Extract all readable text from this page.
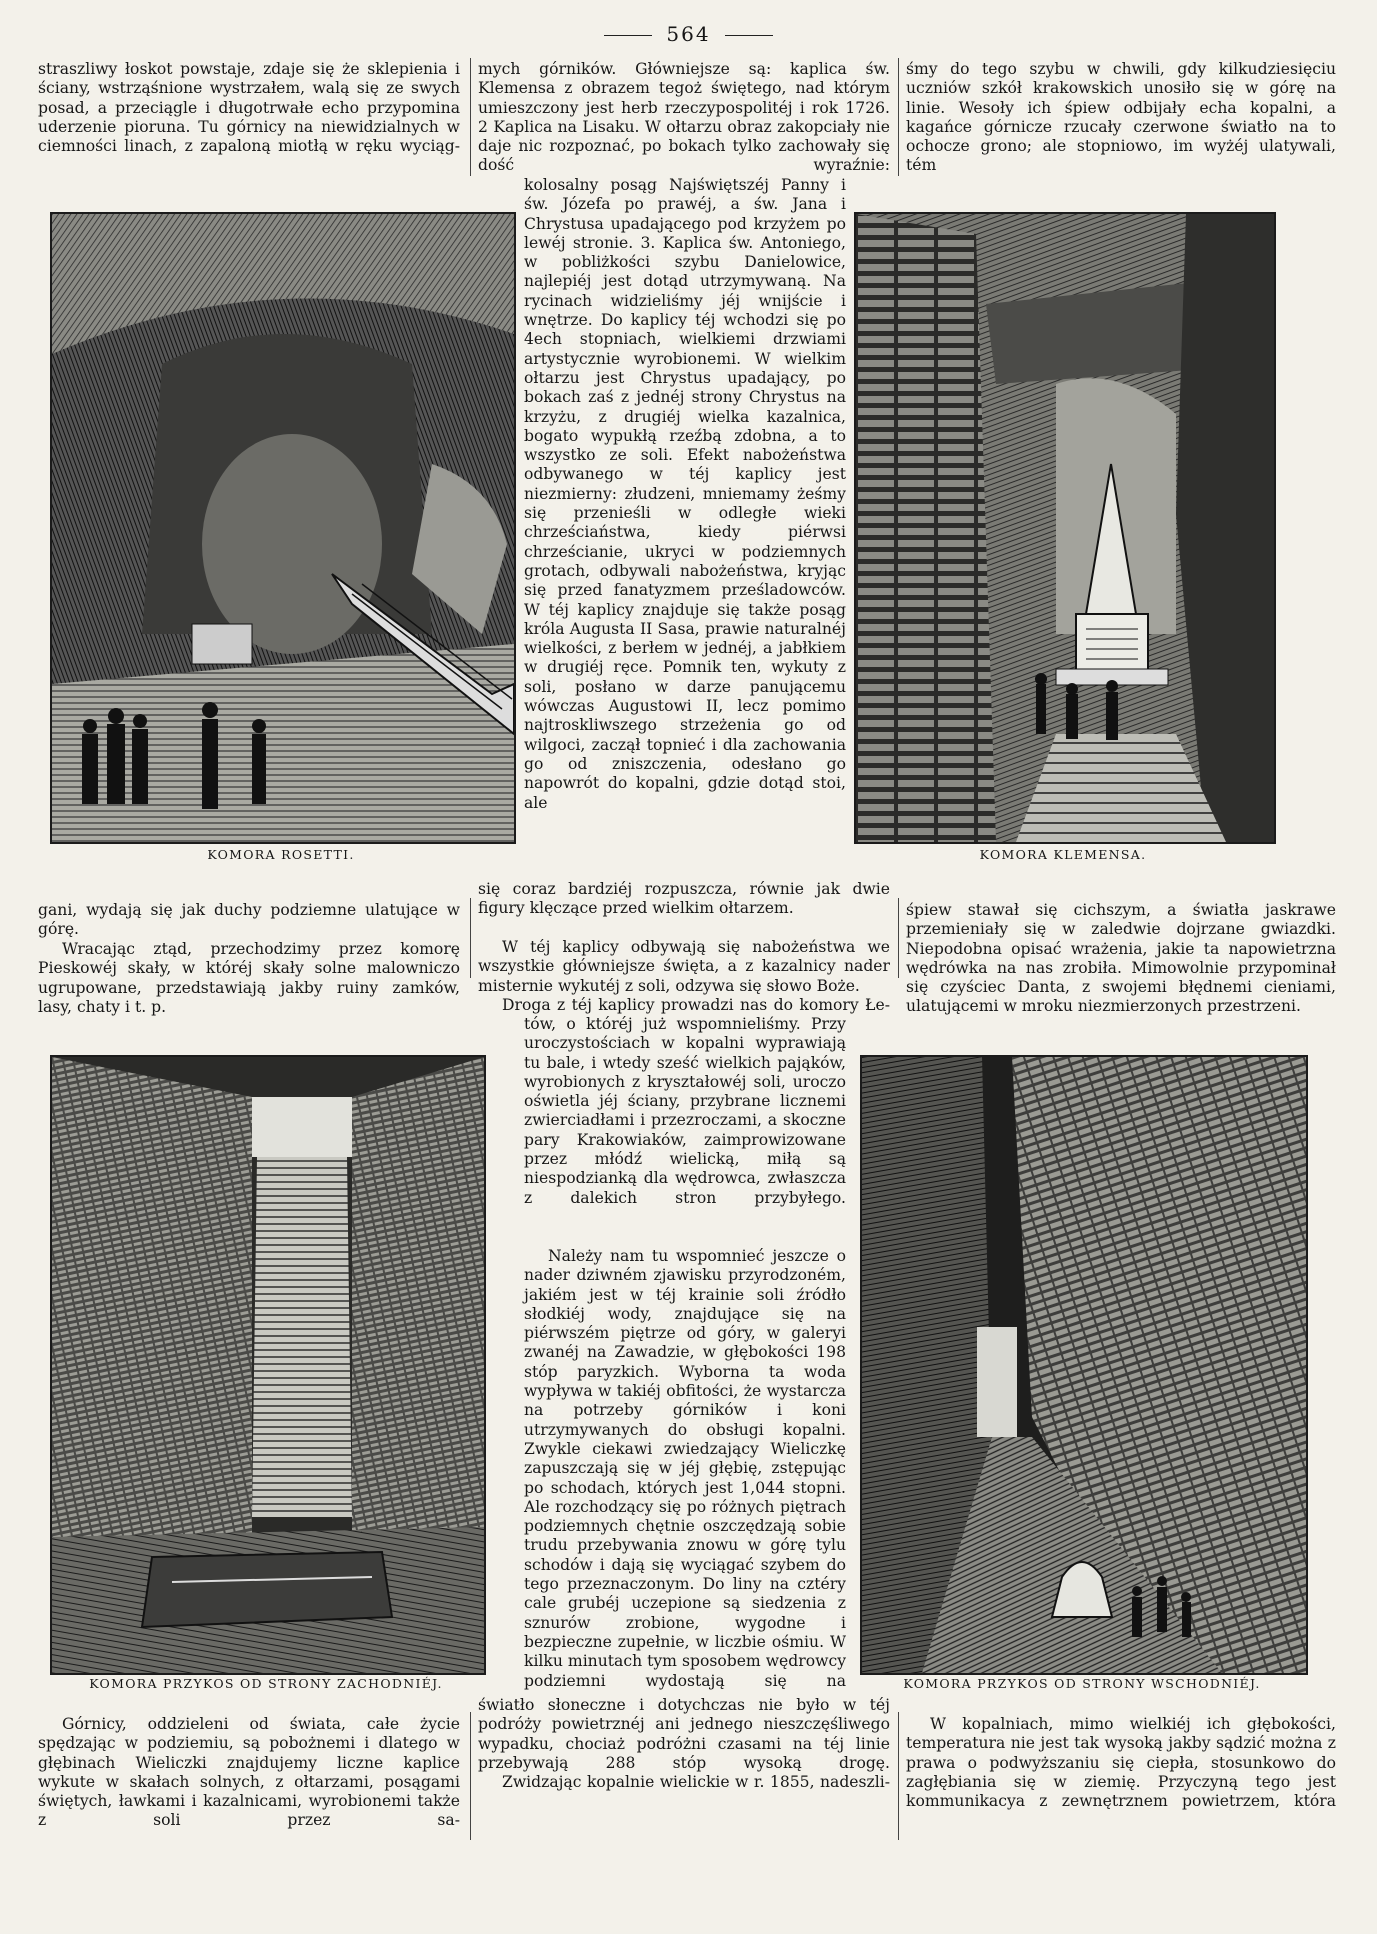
564
straszliwy łoskot powstaje, zdaje się że sklepienia i ściany, wstrząśnione wystrzałem, walą się ze swych posad, a przeciągle i długotrwałe echo przypomina uderzenie pioruna. Tu górnicy na niewidzialnych w ciemności linach, z zapaloną miotłą w ręku wyciąg-
mych górników. Główniejsze są: kaplica św. Klemensa z obrazem tegoż świętego, nad którym umieszczony jest herb rzeczypospolitéj i rok 1726. 2 Kaplica na Lisaku. W ołtarzu obraz zakopciały nie daje nic rozpoznać, po bokach tylko zachowały się dość wyraźnie:
śmy do tego szybu w chwili, gdy kilkudziesięciu uczniów szkół krakowskich unosiło się w górę na linie. Wesoły ich śpiew odbijały echa kopalni, a kagańce górnicze rzucały czerwone światło na to ochocze grono; ale stopniowo, im wyżéj ulatywali, tém
kolosalny posąg Najświętszéj Panny i św. Józefa po prawéj, a św. Jana i Chrystusa upadającego pod krzyżem po lewéj stronie. 3. Kaplica św. Antoniego, w pobliżkości szybu Danielowice, najlepiéj jest dotąd utrzymywaną. Na rycinach widzieliśmy jéj wnijście i wnętrze. Do kaplicy téj wchodzi się po 4ech stopniach, wielkiemi drzwiami artystycznie wyrobionemi. W wielkim ołtarzu jest Chrystus upadający, po bokach zaś z jednéj strony Chrystus na krzyżu, z drugiéj wielka kazalnica, bogato wypukłą rzeźbą zdobna, a to wszystko ze soli. Efekt nabożeństwa odbywanego w téj kaplicy jest niezmierny: złudzeni, mniemamy żeśmy się przenieśli w odległe wieki chrześciaństwa, kiedy piérwsi chrześcianie, ukryci w podziemnych grotach, odbywali nabożeństwa, kryjąc się przed fanatyzmem prześladowców. W téj kaplicy znajduje się także posąg króla Augusta II Sasa, prawie naturalnéj wielkości, z berłem w jednéj, a jabłkiem w drugiéj ręce. Pomnik ten, wykuty z soli, posłano w darze panującemu wówczas Augustowi II, lecz pomimo najtroskliwszego strzeżenia go od wilgoci, zaczął topnieć i dla zachowania go od zniszczenia, odesłano go napowrót do kopalni, gdzie dotąd stoi, ale
KOMORA ROSETTI.	KOMORA KLEMENSA.
gani, wydają się jak duchy podziemne ulatujące w górę.
Wracając ztąd, przechodzimy przez komorę Pieskowéj skały, w któréj skały solne malowniczo ugrupowane, przedstawiają jakby ruiny zamków, lasy, chaty i t. p.
się coraz bardziéj rozpuszcza, równie jak dwie figury klęczące przed wielkim ołtarzem.
W téj kaplicy odbywają się nabożeństwa we wszystkie główniejsze święta, a z kazalnicy nader misternie wykutéj z soli, odzywa się słowo Boże.
Droga z téj kaplicy prowadzi nas do komory Łe-
śpiew stawał się cichszym, a światła jaskrawe przemieniały się w zaledwie dojrzane gwiazdki. Niepodobna opisać wrażenia, jakie ta napowietrzna wędrówka na nas zrobiła. Mimowolnie przypominał się czyściec Danta, z swojemi błędnemi cieniami, ulatującemi w mroku niezmierzonych przestrzeni.
tów, o któréj już wspomnieliśmy. Przy uroczystościach w kopalni wyprawiają tu bale, i wtedy sześć wielkich pająków, wyrobionych z kryształowéj soli, uroczo oświetla jéj ściany, przybrane licznemi zwierciadłami i przezroczami, a skoczne pary Krakowiaków, zaimprowizowane przez młódź wielicką, miłą są niespodzianką dla wędrowca, zwłaszcza z dalekich stron przybyłego.
Należy nam tu wspomnieć jeszcze o nader dziwném zjawisku przyrodzoném, jakiém jest w téj krainie soli źródło słodkiéj wody, znajdujące się na piérwszém piętrze od góry, w galeryi zwanéj na Zawadzie, w głębokości 198 stóp paryzkich. Wyborna ta woda wypływa w takiéj obfitości, że wystarcza na potrzeby górników i koni utrzymywanych do obsługi kopalni.
Zwykle ciekawi zwiedzający Wieliczkę zapuszczają się w jéj głębię, zstępując po schodach, których jest 1,044 stopni. Ale rozchodzący się po różnych piętrach podziemnych chętnie oszczędzają sobie trudu przebywania znowu w górę tylu schodów i dają się wyciągać szybem do tego przeznaczonym. Do liny na cztéry cale grubéj uczepione są siedzenia z sznurów zrobione, wygodne i bezpieczne zupełnie, w liczbie ośmiu. W kilku minutach tym sposobem wędrowcy podziemni wydostają się na
KOMORA PRZYKOS OD STRONY ZACHODNIÉJ.	KOMORA PRZYKOS OD STRONY WSCHODNIÉJ.
Górnicy, oddzieleni od świata, całe życie spędzając w podziemiu, są pobożnemi i dlatego w głębinach Wieliczki znajdujemy liczne kaplice wykute w skałach solnych, z ołtarzami, posągami świętych, ławkami i kazalnicami, wyrobionemi także z soli przez sa-
światło słoneczne i dotychczas nie było w téj podróży powietrznéj ani jednego nieszczęśliwego wypadku, chociaż podróżni czasami na téj linie przebywają 288 stóp wysoką drogę.
Zwidzając kopalnie wielickie w r. 1855, nadeszli-
W kopalniach, mimo wielkiéj ich głębokości, temperatura nie jest tak wysoką jakby sądzić można z prawa o podwyższaniu się ciepła, stosunkowo do zagłębiania się w ziemię. Przyczyną tego jest kommunikacya z zewnętrznem powietrzem, która
